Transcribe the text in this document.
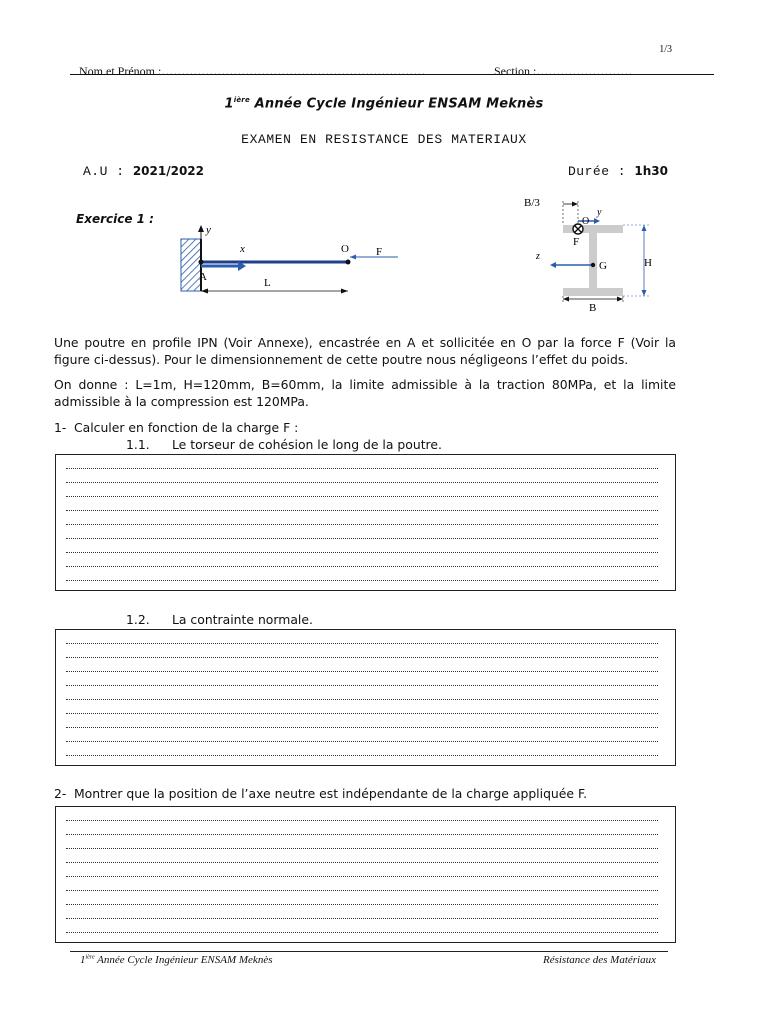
1/3
Nom et Prénom :…………………………………………………………	Section :……………………
$1^{ière}$ Année Cycle Ingénieur ENSAM Meknès
EXAMEN EN RESISTANCE DES MATERIAUX
A.U : 2021/2022	Durée : 1h30
Exercice 1 :
y
x
A
O F
L
B/3
y
O
F
z
G	H
B
Une poutre en profile IPN (Voir Annexe), encastrée en A et sollicitée en O par la force F (Voir la figure ci-dessus). Pour le dimensionnement de cette poutre nous négligeons l’effet du poids.
On donne : L=1m, H=120mm, B=60mm, la limite admissible à la traction 80MPa, et la limite admissible à la compression est 120MPa.
1- Calculer en fonction de la charge F :
1.1. Le torseur de cohésion le long de la poutre.
1.2. La contrainte normale.
2- Montrer que la position de l’axe neutre est indépendante de la charge appliquée F.
$1^{ière}$ Année Cycle Ingénieur ENSAM Meknès	Résistance des Matériaux
